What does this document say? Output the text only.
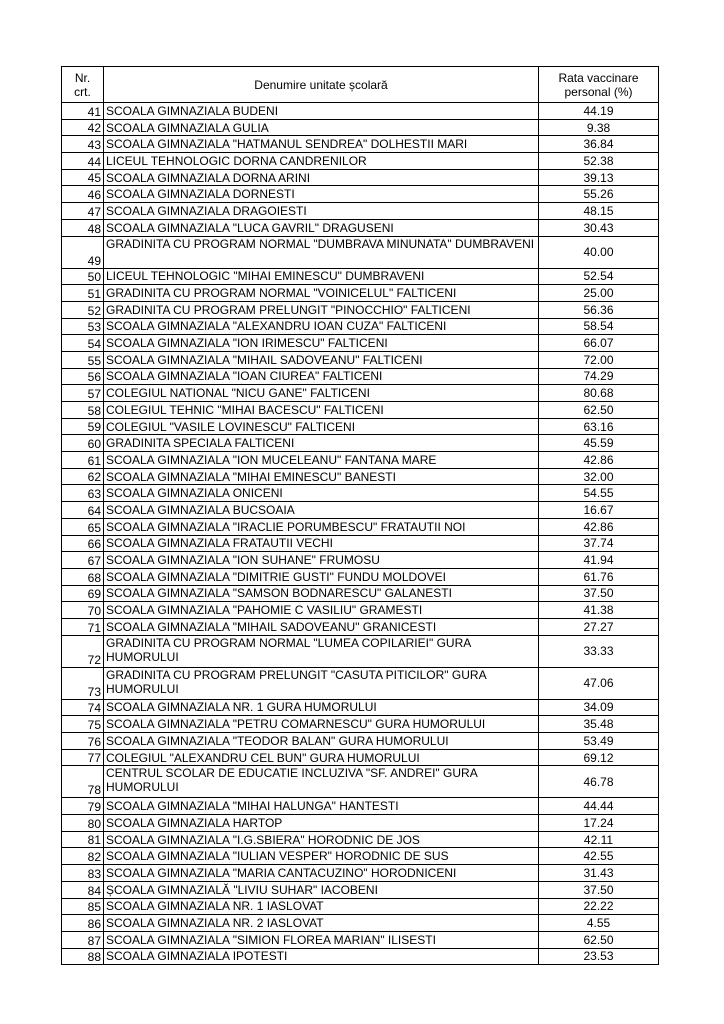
Nr.
crt.	Denumire unitate școlară	Rata vaccinare
personal (%)
41	SCOALA GIMNAZIALA BUDENI	44.19
42	SCOALA GIMNAZIALA GULIA	9.38
43	SCOALA GIMNAZIALA "HATMANUL SENDREA" DOLHESTII MARI	36.84
44	LICEUL TEHNOLOGIC DORNA CANDRENILOR	52.38
45	SCOALA GIMNAZIALA DORNA ARINI	39.13
46	SCOALA GIMNAZIALA DORNESTI	55.26
47	SCOALA GIMNAZIALA DRAGOIESTI	48.15
48	SCOALA GIMNAZIALA "LUCA GAVRIL" DRAGUSENI	30.43
49	GRADINITA CU PROGRAM NORMAL "DUMBRAVA MINUNATA" DUMBRAVENI	40.00
50	LICEUL TEHNOLOGIC "MIHAI EMINESCU" DUMBRAVENI	52.54
51	GRADINITA CU PROGRAM NORMAL "VOINICELUL" FALTICENI	25.00
52	GRADINITA CU PROGRAM PRELUNGIT "PINOCCHIO" FALTICENI	56.36
53	SCOALA GIMNAZIALA "ALEXANDRU IOAN CUZA" FALTICENI	58.54
54	SCOALA GIMNAZIALA "ION IRIMESCU" FALTICENI	66.07
55	SCOALA GIMNAZIALA "MIHAIL SADOVEANU" FALTICENI	72.00
56	SCOALA GIMNAZIALA "IOAN CIUREA" FALTICENI	74.29
57	COLEGIUL NATIONAL "NICU GANE" FALTICENI	80.68
58	COLEGIUL TEHNIC "MIHAI BACESCU" FALTICENI	62.50
59	COLEGIUL "VASILE LOVINESCU" FALTICENI	63.16
60	GRADINITA SPECIALA FALTICENI	45.59
61	SCOALA GIMNAZIALA "ION MUCELEANU" FANTANA MARE	42.86
62	SCOALA GIMNAZIALA "MIHAI EMINESCU" BANESTI	32.00
63	SCOALA GIMNAZIALA ONICENI	54.55
64	SCOALA GIMNAZIALA BUCSOAIA	16.67
65	SCOALA GIMNAZIALA "IRACLIE PORUMBESCU" FRATAUTII NOI	42.86
66	SCOALA GIMNAZIALA FRATAUTII VECHI	37.74
67	SCOALA GIMNAZIALA "ION SUHANE" FRUMOSU	41.94
68	SCOALA GIMNAZIALA "DIMITRIE GUSTI" FUNDU MOLDOVEI	61.76
69	SCOALA GIMNAZIALA "SAMSON BODNARESCU" GALANESTI	37.50
70	SCOALA GIMNAZIALA "PAHOMIE C VASILIU" GRAMESTI	41.38
71	SCOALA GIMNAZIALA "MIHAIL SADOVEANU" GRANICESTI	27.27
72	GRADINITA CU PROGRAM NORMAL "LUMEA COPILARIEI" GURA HUMORULUI	33.33
73	GRADINITA CU PROGRAM PRELUNGIT "CASUTA PITICILOR" GURA HUMORULUI	47.06
74	SCOALA GIMNAZIALA NR. 1 GURA HUMORULUI	34.09
75	SCOALA GIMNAZIALA "PETRU COMARNESCU" GURA HUMORULUI	35.48
76	SCOALA GIMNAZIALA "TEODOR BALAN" GURA HUMORULUI	53.49
77	COLEGIUL "ALEXANDRU CEL BUN" GURA HUMORULUI	69.12
78	CENTRUL SCOLAR DE EDUCATIE INCLUZIVA "SF. ANDREI" GURA HUMORULUI	46.78
79	SCOALA GIMNAZIALA "MIHAI HALUNGA" HANTESTI	44.44
80	SCOALA GIMNAZIALA HARTOP	17.24
81	SCOALA GIMNAZIALA "I.G.SBIERA" HORODNIC DE JOS	42.11
82	SCOALA GIMNAZIALA "IULIAN VESPER" HORODNIC DE SUS	42.55
83	SCOALA GIMNAZIALA "MARIA CANTACUZINO" HORODNICENI	31.43
84	ȘCOALA GIMNAZIALĂ "LIVIU SUHAR" IACOBENI	37.50
85	SCOALA GIMNAZIALA NR. 1 IASLOVAT	22.22
86	SCOALA GIMNAZIALA NR. 2 IASLOVAT	4.55
87	SCOALA GIMNAZIALA "SIMION FLOREA MARIAN" ILISESTI	62.50
88	SCOALA GIMNAZIALA IPOTESTI	23.53
